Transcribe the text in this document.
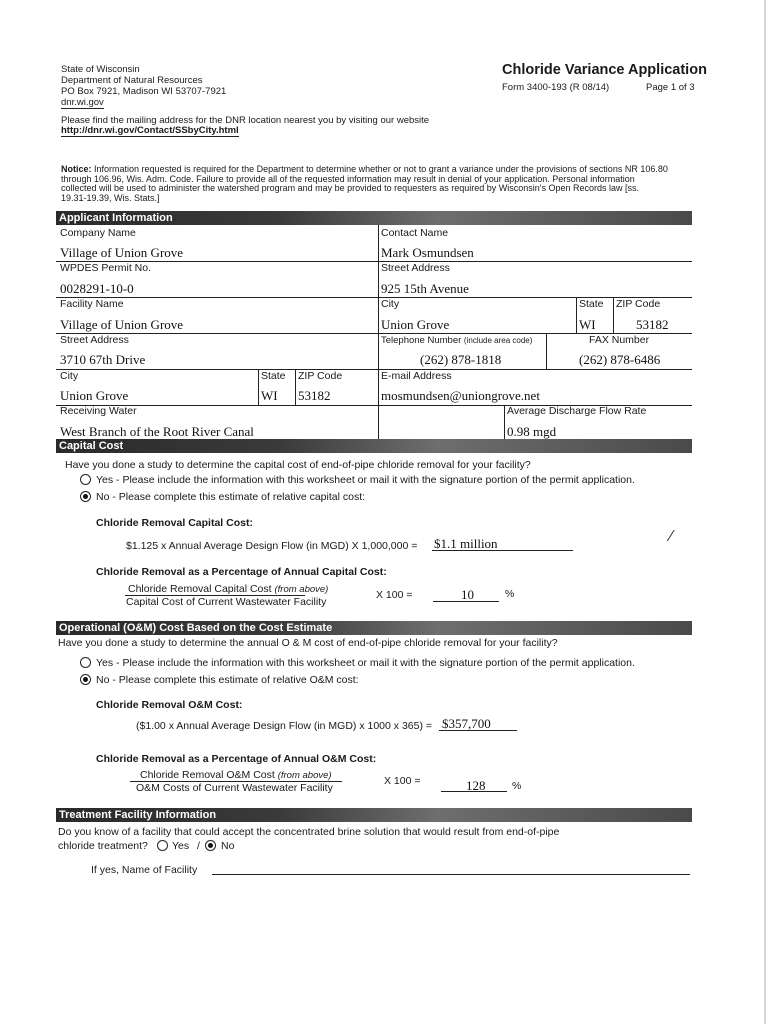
State of Wisconsin
Department of Natural Resources
PO Box 7921, Madison WI 53707-7921
dnr.wi.gov
Chloride Variance Application
Form 3400-193 (R 08/14)	Page 1 of 3
Please find the mailing address for the DNR location nearest you by visiting our website
http://dnr.wi.gov/Contact/SSbyCity.html
Notice: Information requested is required for the Department to determine whether or not to grant a variance under the provisions of sections NR 106.80
through 106.96, Wis. Adm. Code. Failure to provide all of the requested information may result in denial of your application. Personal information
collected will be used to administer the watershed program and may be provided to requesters as required by Wisconsin's Open Records law [ss.
19.31-19.39, Wis. Stats.]
Applicant Information
Company Name
Village of Union Grove
Contact Name
Mark Osmundsen
WPDES Permit No.
0028291-10-0
Street Address
925 15th Avenue
Facility Name
Village of Union Grove
City
Union Grove
State
WI
ZIP Code
53182
Street Address
3710 67th Drive
Telephone Number (include area code)
(262) 878-1818
FAX Number
(262) 878-6486
City
Union Grove
State
WI
ZIP Code
53182
E-mail Address
mosmundsen@uniongrove.net
Receiving Water
West Branch of the Root River Canal
Average Discharge Flow Rate
0.98 mgd
Capital Cost
Have you done a study to determine the capital cost of end-of-pipe chloride removal for your facility?
Yes - Please include the information with this worksheet or mail it with the signature portion of the permit application.
No - Please complete this estimate of relative capital cost:
Chloride Removal Capital Cost:
$1.125 x Annual Average Design Flow (in MGD) X 1,000,000 = $1.1 million	⁄
Chloride Removal as a Percentage of Annual Capital Cost:
Chloride Removal Capital Cost (from above)
Capital Cost of Current Wastewater Facility
X 100 =	10	%
Operational (O&M) Cost Based on the Cost Estimate
Have you done a study to determine the annual O & M cost of end-of-pipe chloride removal for your facility?
Yes - Please include the information with this worksheet or mail it with the signature portion of the permit application.
No - Please complete this estimate of relative O&M cost:
Chloride Removal O&M Cost:
($1.00 x Annual Average Design Flow (in MGD) x 1000 x 365) = $357,700
Chloride Removal as a Percentage of Annual O&M Cost:
Chloride Removal O&M Cost (from above)
O&M Costs of Current Wastewater Facility
X 100 =	128	%
Treatment Facility Information
Do you know of a facility that could accept the concentrated brine solution that would result from end-of-pipe
chloride treatment? Yes / No
If yes, Name of Facility
